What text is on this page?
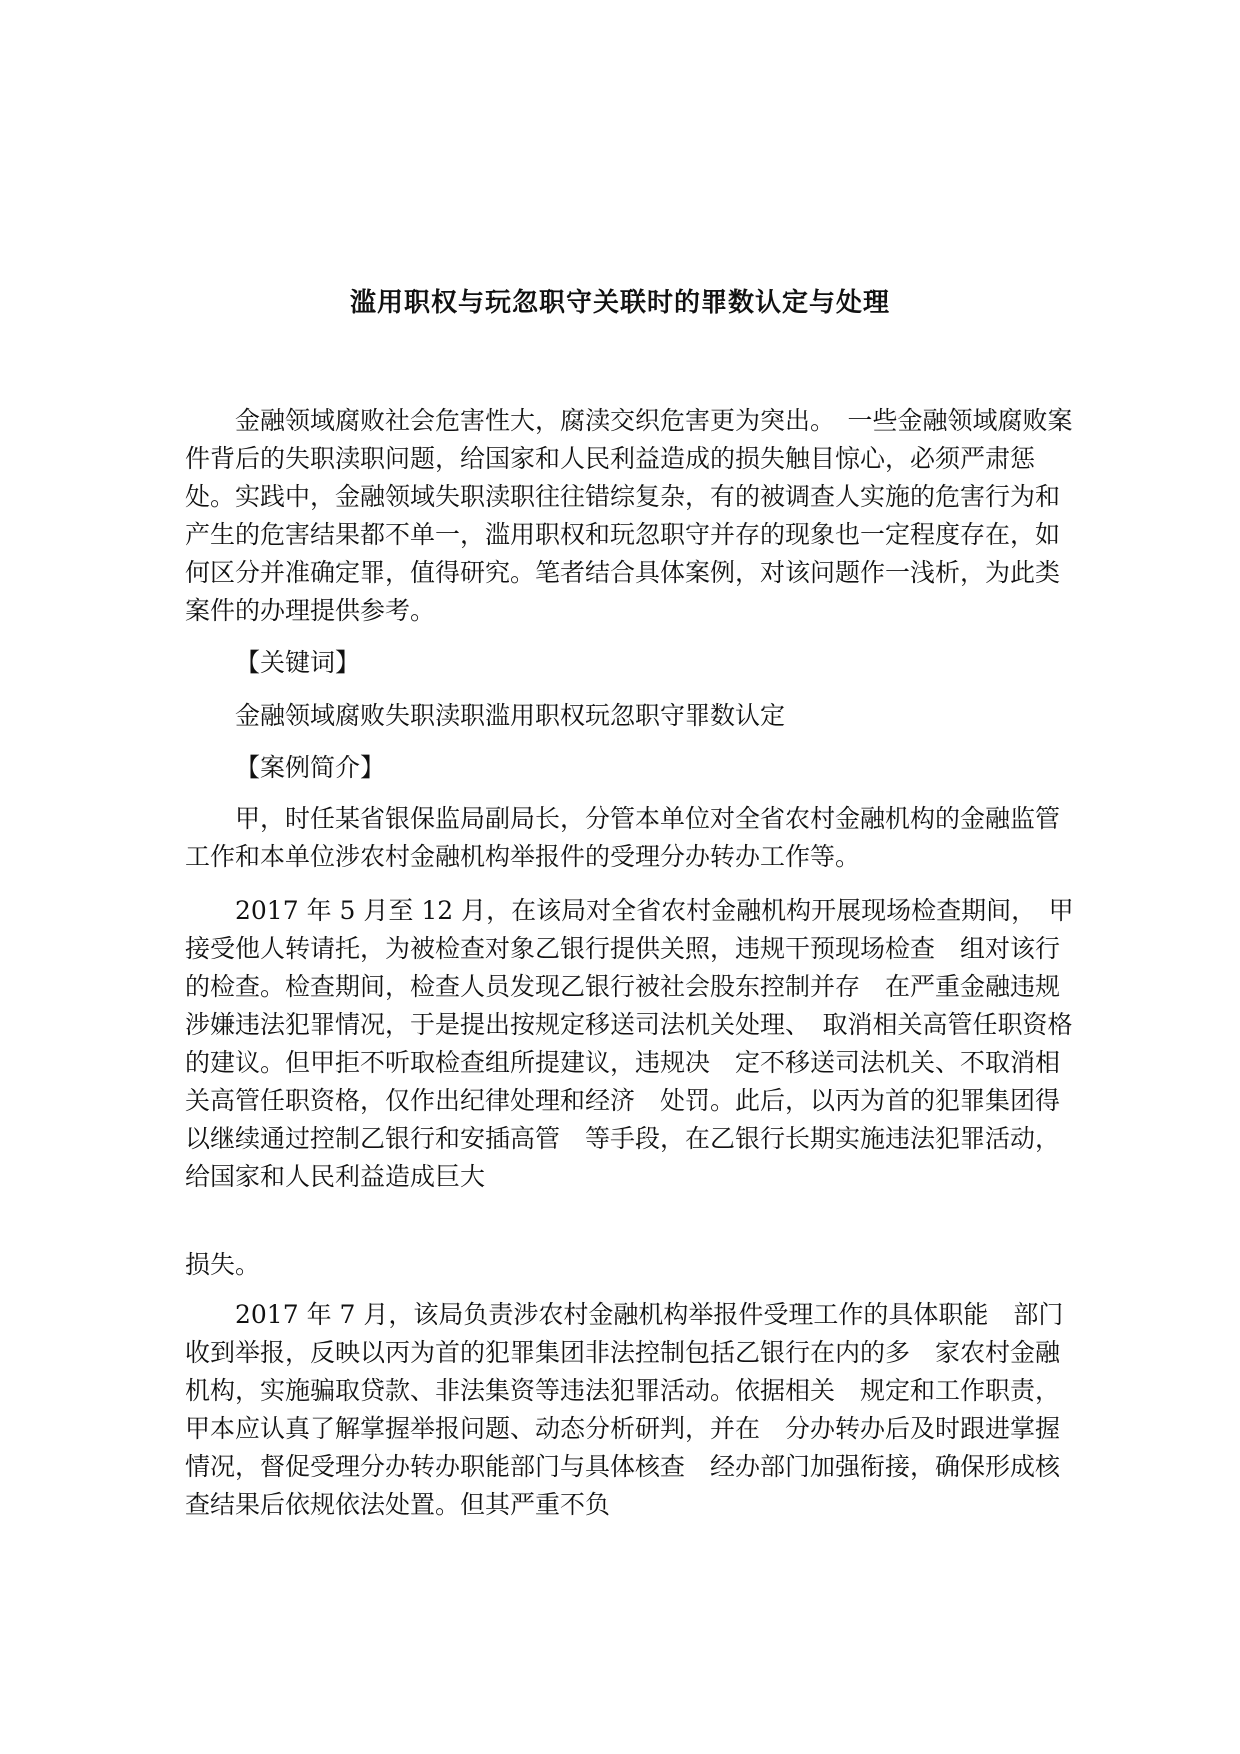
滥用职权与玩忽职守关联时的罪数认定与处理

金融领域腐败社会危害性大，腐渎交织危害更为突出。　一些金融领域腐败案件背后的失职渎职问题，给国家和人民利益造成的损失触目惊心，必须严肃惩处。实践中，金融领域失职渎职往往错综复杂，有的被调查人实施的危害行为和产生的危害结果都不单一，滥用职权和玩忽职守并存的现象也一定程度存在，如何区分并准确定罪，值得研究。笔者结合具体案例，对该问题作一浅析，为此类案件的办理提供参考。

【关键词】

金融领域腐败失职渎职滥用职权玩忽职守罪数认定

【案例简介】

甲，时任某省银保监局副局长，分管本单位对全省农村金融机构的金融监管工作和本单位涉农村金融机构举报件的受理分办转办工作等。

2017 年 5 月至 12 月，在该局对全省农村金融机构开展现场检查期间，　甲接受他人转请托，为被检查对象乙银行提供关照，违规干预现场检查　组对该行的检查。检查期间，检查人员发现乙银行被社会股东控制并存　在严重金融违规涉嫌违法犯罪情况，于是提出按规定移送司法机关处理、　取消相关高管任职资格的建议。但甲拒不听取检查组所提建议，违规决　定不移送司法机关、不取消相关高管任职资格，仅作出纪律处理和经济　处罚。此后，以丙为首的犯罪集团得以继续通过控制乙银行和安插高管　等手段，在乙银行长期实施违法犯罪活动，给国家和人民利益造成巨大

损失。

2017 年 7 月，该局负责涉农村金融机构举报件受理工作的具体职能　部门收到举报，反映以丙为首的犯罪集团非法控制包括乙银行在内的多　家农村金融机构，实施骗取贷款、非法集资等违法犯罪活动。依据相关　规定和工作职责，甲本应认真了解掌握举报问题、动态分析研判，并在　分办转办后及时跟进掌握情况，督促受理分办转办职能部门与具体核查　经办部门加强衔接，确保形成核查结果后依规依法处置。但其严重不负
